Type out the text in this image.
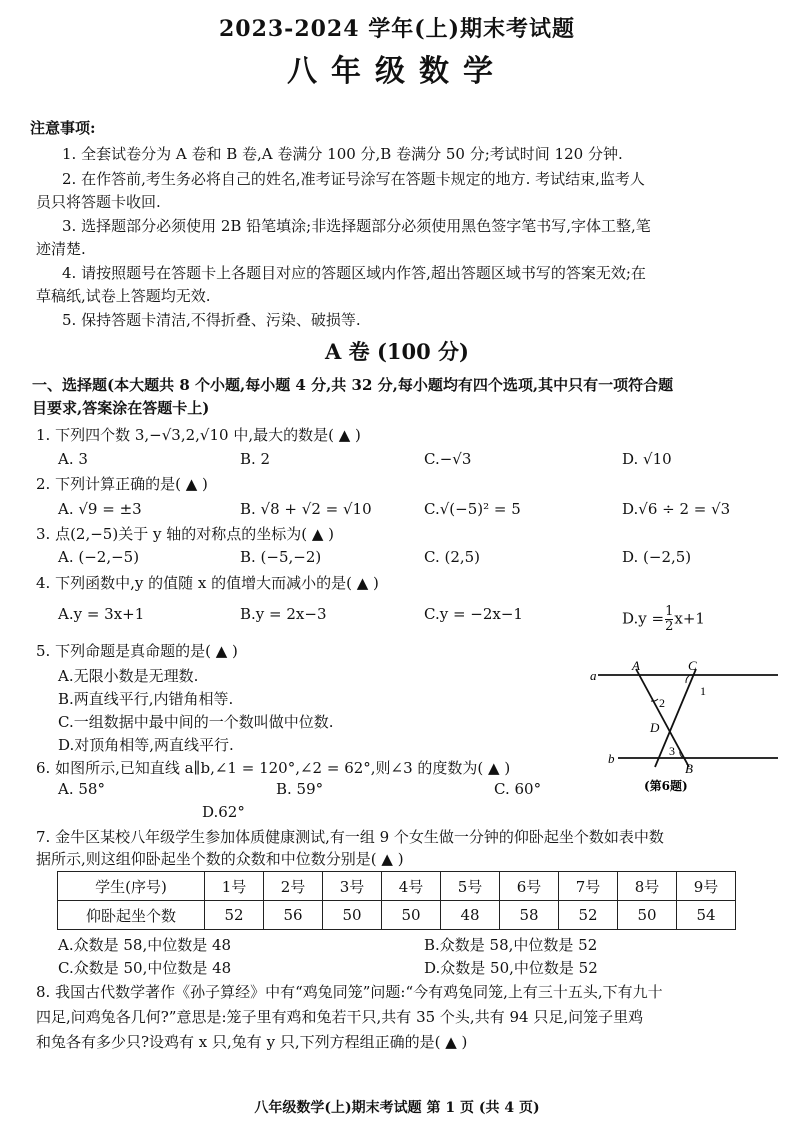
2023-2024 学年(上)期末考试题
八年级数学
注意事项:
1. 全套试卷分为 A 卷和 B 卷,A 卷满分 100 分,B 卷满分 50 分;考试时间 120 分钟.
2. 在作答前,考生务必将自己的姓名,准考证号涂写在答题卡规定的地方. 考试结束,监考人
员只将答题卡收回.
3. 选择题部分必须使用 2B 铅笔填涂;非选择题部分必须使用黑色签字笔书写,字体工整,笔
迹清楚.
4. 请按照题号在答题卡上各题目对应的答题区域内作答,超出答题区域书写的答案无效;在
草稿纸,试卷上答题均无效.
5. 保持答题卡清洁,不得折叠、污染、破损等.
A 卷 (100 分)
一、选择题(本大题共 8 个小题,每小题 4 分,共 32 分,每小题均有四个选项,其中只有一项符合题
目要求,答案涂在答题卡上)
1. 下列四个数 3,−√3,2,√10 中,最大的数是( ▲ )
A. 3	B. 2	C.−√3	D. √10
2. 下列计算正确的是( ▲ )
A. √9 = ±3	B. √8 + √2 = √10	C.√(−5)² = 5	D.√6 ÷ 2 = √3
3. 点(2,−5)关于 y 轴的对称点的坐标为( ▲ )
A. (−2,−5)	B. (−5,−2)	C. (2,5)	D. (−2,5)
4. 下列函数中,y 的值随 x 的值增大而减小的是( ▲ )
A.y = 3x+1	B.y = 2x−3	C.y = −2x−1	$D.y = \frac{1}{2} x+1$
5. 下列命题是真命题的是( ▲ )
A.无限小数是无理数.
B.两直线平行,内错角相等.
C.一组数据中最中间的一个数叫做中位数.
D.对顶角相等,两直线平行.
6. 如图所示,已知直线 a∥b,∠1 = 120°,∠2 = 62°,则∠3 的度数为( ▲ )
A. 58°	B. 59°	C. 60°
D.62°
a
b
A	C
D
B
1
2
3
(第6题)
7. 金牛区某校八年级学生参加体质健康测试,有一组 9 个女生做一分钟的仰卧起坐个数如表中数
据所示,则这组仰卧起坐个数的众数和中位数分别是( ▲ )
学生(序号)	1号	2号	3号	4号	5号	6号	7号	8号	9号
仰卧起坐个数	52	56	50	50	48	58	52	50	54
A.众数是 58,中位数是 48	B.众数是 58,中位数是 52
C.众数是 50,中位数是 48	D.众数是 50,中位数是 52
8. 我国古代数学著作《孙子算经》中有“鸡兔同笼”问题:“今有鸡兔同笼,上有三十五头,下有九十
四足,问鸡兔各几何?”意思是:笼子里有鸡和兔若干只,共有 35 个头,共有 94 只足,问笼子里鸡
和兔各有多少只?设鸡有 x 只,兔有 y 只,下列方程组正确的是( ▲ )
八年级数学(上)期末考试题 第 1 页 (共 4 页)
